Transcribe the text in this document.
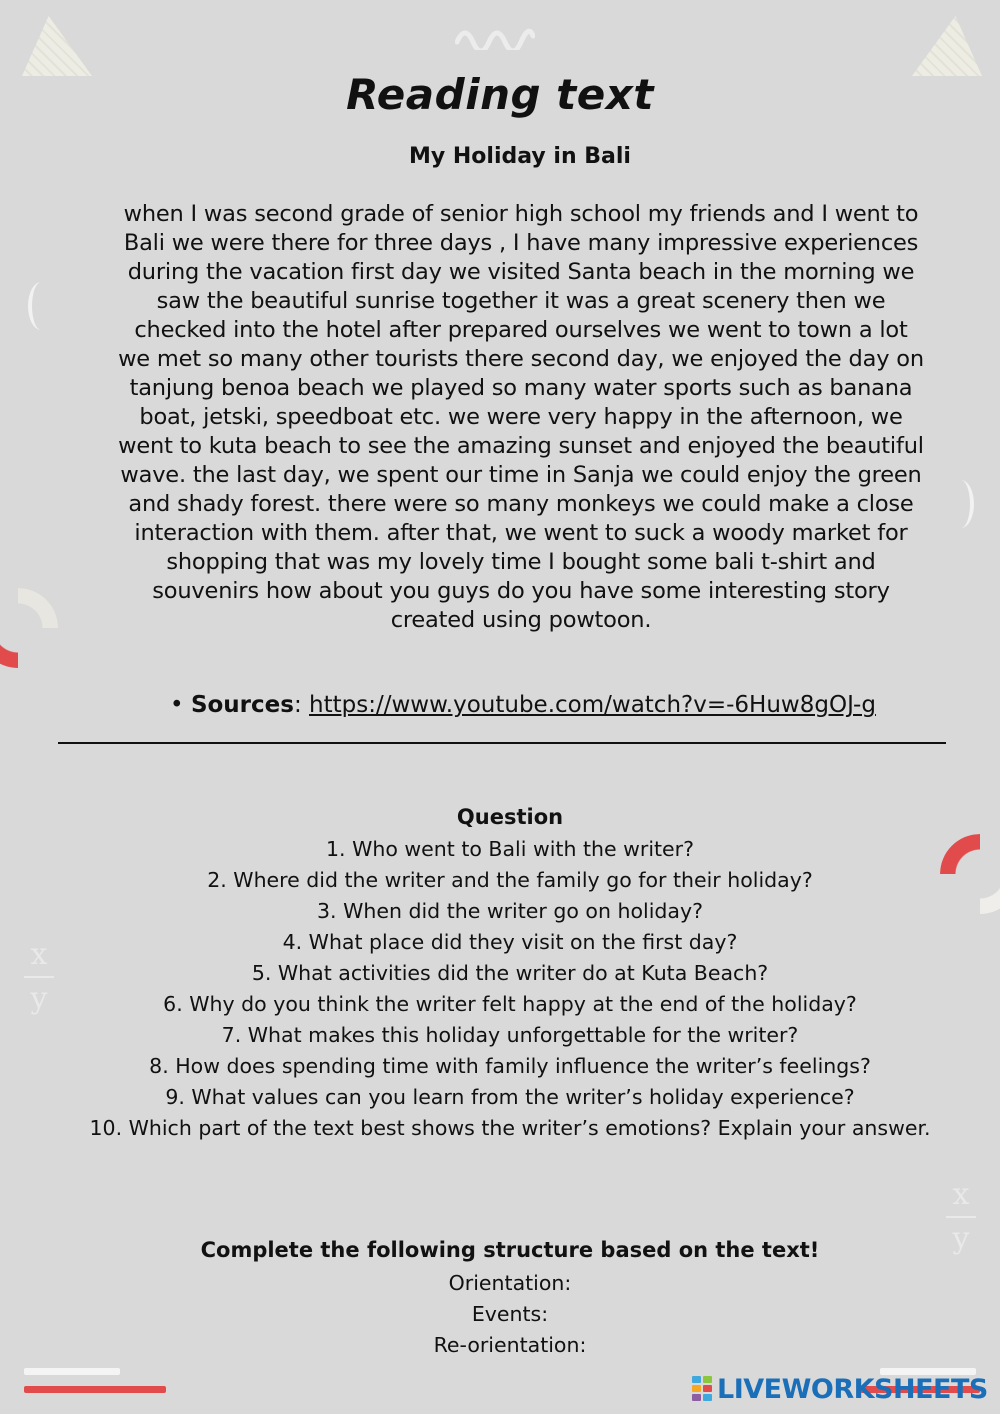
x
y
x
y
Reading text
My Holiday in Bali

when I was second grade of senior high school my friends and I went to Bali we were there for three days , I have many impressive experiences during the vacation first day we visited Santa beach in the morning we saw the beautiful sunrise together it was a great scenery then we checked into the hotel after prepared ourselves we went to town a lot we met so many other tourists there second day, we enjoyed the day on tanjung benoa beach we played so many water sports such as banana boat, jetski, speedboat etc. we were very happy in the afternoon, we went to kuta beach to see the amazing sunset and enjoyed the beautiful wave. the last day, we spent our time in Sanja we could enjoy the green and shady forest. there were so many monkeys we could make a close interaction with them. after that, we went to suck a woody market for shopping that was my lovely time I bought some bali t-shirt and souvenirs how about you guys do you have some interesting story created using powtoon.

• Sources: https://www.youtube.com/watch?v=-6Huw8gOJ-g

Question
1. Who went to Bali with the writer?
2. Where did the writer and the family go for their holiday?
3. When did the writer go on holiday?
4. What place did they visit on the first day?
5. What activities did the writer do at Kuta Beach?
6. Why do you think the writer felt happy at the end of the holiday?
7. What makes this holiday unforgettable for the writer?
8. How does spending time with family influence the writer’s feelings?
9. What values can you learn from the writer’s holiday experience?
10. Which part of the text best shows the writer’s emotions? Explain your answer.
Complete the following structure based on the text!
Orientation:
Events:
Re-orientation:
LIVEWORKSHEETS
